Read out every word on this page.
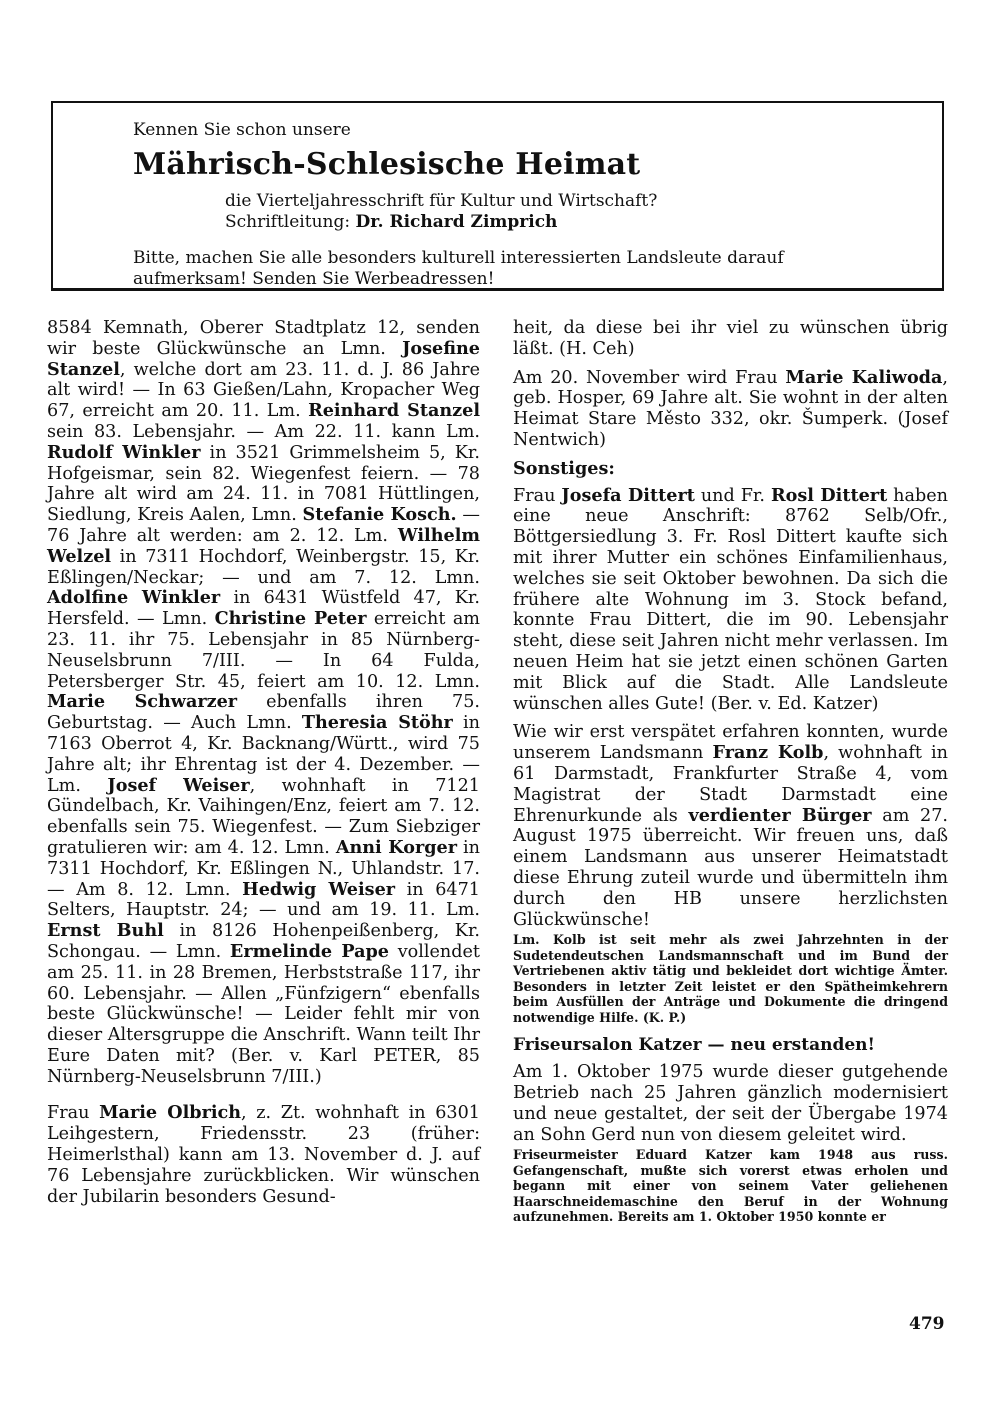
Kennen Sie schon unsere
Mährisch-Schlesische Heimat
die Vierteljahresschrift für Kultur und Wirtschaft?
Schriftleitung: Dr. Richard Zimprich
Bitte, machen Sie alle besonders kulturell interessierten Landsleute darauf
aufmerksam! Senden Sie Werbeadressen!

8584 Kemnath, Oberer Stadtplatz 12, senden wir beste Glückwünsche an Lmn. Josefine Stanzel, welche dort am 23. 11. d. J. 86 Jahre alt wird! — In 63 Gießen/Lahn, Kropacher Weg 67, erreicht am 20. 11. Lm. Reinhard Stanzel sein 83. Lebensjahr. — Am 22. 11. kann Lm. Rudolf Winkler in 3521 Grimmelsheim 5, Kr. Hofgeismar, sein 82. Wiegenfest feiern. — 78 Jahre alt wird am 24. 11. in 7081 Hüttlingen, Siedlung, Kreis Aalen, Lmn. Stefanie Kosch. — 76 Jahre alt werden: am 2. 12. Lm. Wilhelm Welzel in 7311 Hochdorf, Weinbergstr. 15, Kr. Eßlingen/Neckar; — und am 7. 12. Lmn. Adolfine Winkler in 6431 Wüstfeld 47, Kr. Hersfeld. — Lmn. Christine Peter erreicht am 23. 11. ihr 75. Lebensjahr in 85 Nürnberg-Neuselsbrunn 7/III. — In 64 Fulda, Petersberger Str. 45, feiert am 10. 12. Lmn. Marie Schwarzer ebenfalls ihren 75. Geburtstag. — Auch Lmn. Theresia Stöhr in 7163 Oberrot 4, Kr. Backnang/Württ., wird 75 Jahre alt; ihr Ehrentag ist der 4. Dezember. — Lm. Josef Weiser, wohnhaft in 7121 Gündelbach, Kr. Vaihingen/Enz, feiert am 7. 12. ebenfalls sein 75. Wiegenfest. — Zum Siebziger gratulieren wir: am 4. 12. Lmn. Anni Korger in 7311 Hochdorf, Kr. Eßlingen N., Uhlandstr. 17. — Am 8. 12. Lmn. Hedwig Weiser in 6471 Selters, Hauptstr. 24; — und am 19. 11. Lm. Ernst Buhl in 8126 Hohenpeißenberg, Kr. Schongau. — Lmn. Ermelinde Pape vollendet am 25. 11. in 28 Bremen, Herbststraße 117, ihr 60. Lebensjahr. — Allen „Fünfzigern“ ebenfalls beste Glückwünsche! — Leider fehlt mir von dieser Altersgruppe die Anschrift. Wann teilt Ihr Eure Daten mit? (Ber. v. Karl PETER, 85 Nürnberg-Neuselsbrunn 7/III.)

Frau Marie Olbrich, z. Zt. wohnhaft in 6301 Leihgestern, Friedensstr. 23 (früher: Heimerlsthal) kann am 13. November d. J. auf 76 Lebensjahre zurückblicken. Wir wünschen der Jubilarin besonders Gesund-

heit, da diese bei ihr viel zu wünschen übrig läßt. (H. Ceh)

Am 20. November wird Frau Marie Kaliwoda, geb. Hosper, 69 Jahre alt. Sie wohnt in der alten Heimat Stare Město 332, okr. Šumperk. (Josef Nentwich)

Sonstiges:

Frau Josefa Dittert und Fr. Rosl Dittert haben eine neue Anschrift: 8762 Selb/Ofr., Böttgersiedlung 3. Fr. Rosl Dittert kaufte sich mit ihrer Mutter ein schönes Einfamilienhaus, welches sie seit Oktober bewohnen. Da sich die frühere alte Wohnung im 3. Stock befand, konnte Frau Dittert, die im 90. Lebensjahr steht, diese seit Jahren nicht mehr verlassen. Im neuen Heim hat sie jetzt einen schönen Garten mit Blick auf die Stadt. Alle Landsleute wünschen alles Gute! (Ber. v. Ed. Katzer)

Wie wir erst verspätet erfahren konnten, wurde unserem Landsmann Franz Kolb, wohnhaft in 61 Darmstadt, Frankfurter Straße 4, vom Magistrat der Stadt Darmstadt eine Ehrenurkunde als verdienter Bürger am 27. August 1975 überreicht. Wir freuen uns, daß einem Landsmann aus unserer Heimatstadt diese Ehrung zuteil wurde und übermitteln ihm durch den HB unsere herzlichsten Glückwünsche!

Lm. Kolb ist seit mehr als zwei Jahrzehnten in der Sudetendeutschen Landsmannschaft und im Bund der Vertriebenen aktiv tätig und bekleidet dort wichtige Ämter. Besonders in letzter Zeit leistet er den Spätheimkehrern beim Ausfüllen der Anträge und Dokumente die dringend notwendige Hilfe. (K. P.)

Friseursalon Katzer — neu erstanden!

Am 1. Oktober 1975 wurde dieser gutgehende Betrieb nach 25 Jahren gänzlich modernisiert und neue gestaltet, der seit der Übergabe 1974 an Sohn Gerd nun von diesem geleitet wird.

Friseurmeister Eduard Katzer kam 1948 aus russ. Gefangenschaft, mußte sich vorerst etwas erholen und begann mit einer von seinem Vater geliehenen Haarschneidemaschine den Beruf in der Wohnung aufzunehmen. Bereits am 1. Oktober 1950 konnte er

479
